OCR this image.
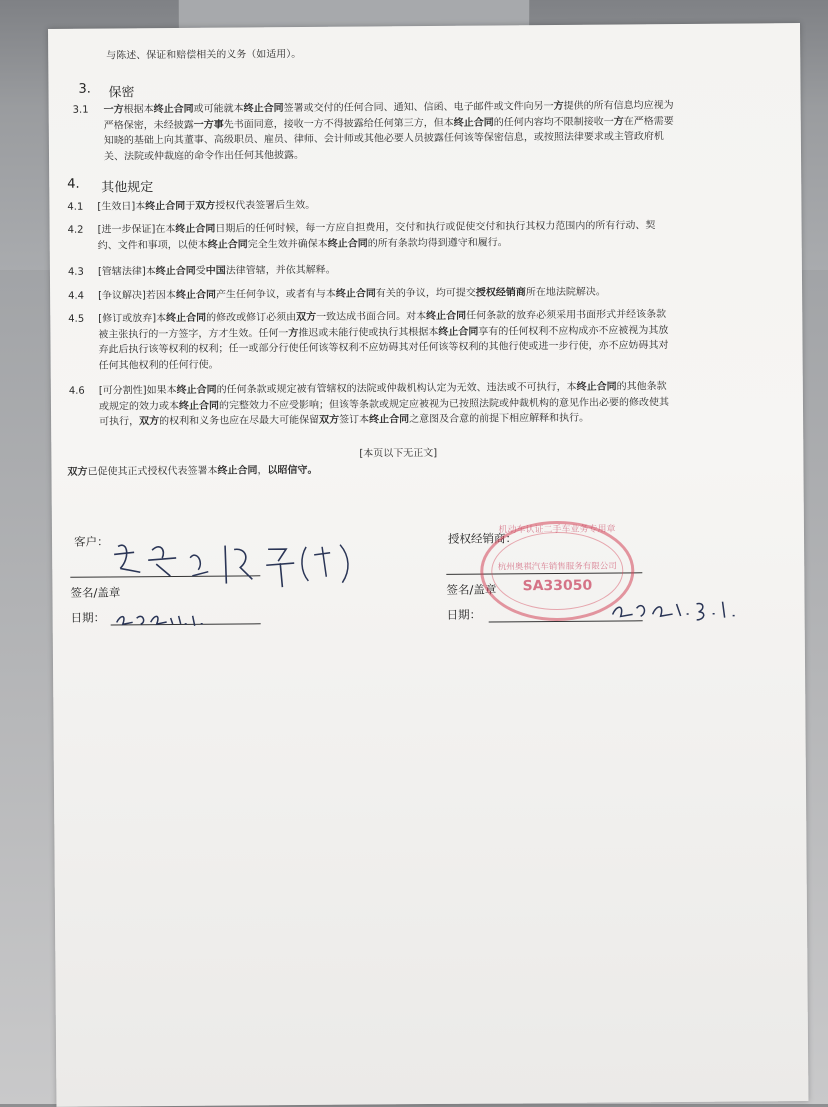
与陈述、保证和赔偿相关的义务（如适用）。
3. 保密
3.1 一方根据本终止合同或可能就本终止合同签署或交付的任何合同、通知、信函、电子邮件或文件向另一方提供的所有信息均应视为
严格保密，未经披露一方事先书面同意，接收一方不得披露给任何第三方，但本终止合同的任何内容均不限制接收一方在严格需要
知晓的基础上向其董事、高级职员、雇员、律师、会计师或其他必要人员披露任何该等保密信息，或按照法律要求或主管政府机
关、法院或仲裁庭的命令作出任何其他披露。
4. 其他规定
4.1 [生效日]本终止合同于双方授权代表签署后生效。
4.2 [进一步保证]在本终止合同日期后的任何时候，每一方应自担费用，交付和执行或促使交付和执行其权力范围内的所有行动、契
约、文件和事项，以使本终止合同完全生效并确保本终止合同的所有条款均得到遵守和履行。
4.3 [管辖法律]本终止合同受中国法律管辖，并依其解释。
4.4 [争议解决]若因本终止合同产生任何争议，或者有与本终止合同有关的争议，均可提交授权经销商所在地法院解决。
4.5 [修订或放弃]本终止合同的修改或修订必须由双方一致达成书面合同。对本终止合同任何条款的放弃必须采用书面形式并经该条款
被主张执行的一方签字，方才生效。任何一方推迟或未能行使或执行其根据本终止合同享有的任何权利不应构成亦不应被视为其放
弃此后执行该等权利的权利；任一或部分行使任何该等权利不应妨碍其对任何该等权利的其他行使或进一步行使，亦不应妨碍其对
任何其他权利的任何行使。
4.6 [可分割性]如果本终止合同的任何条款或规定被有管辖权的法院或仲裁机构认定为无效、违法或不可执行，本终止合同的其他条款
或规定的效力或本终止合同的完整效力不应受影响；但该等条款或规定应被视为已按照法院或仲裁机构的意见作出必要的修改使其
可执行，双方的权利和义务也应在尽最大可能保留双方签订本终止合同之意图及合意的前提下相应解释和执行。
[本页以下无正文]
双方已促使其正式授权代表签署本终止合同，以昭信守。
客户：
签名/盖章
日期：
授权经销商：
签名/盖章
日期：
机动车认证二手车业务专用章
杭州奥祺汽车销售服务有限公司
SA33050
